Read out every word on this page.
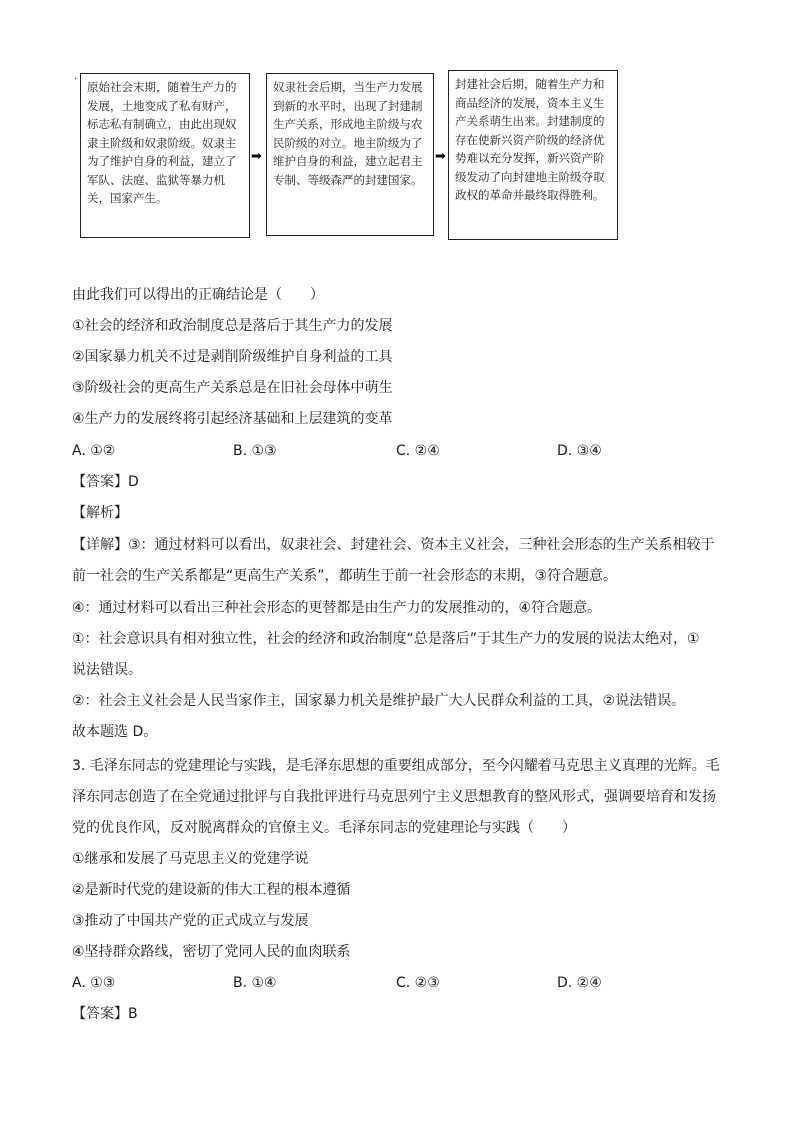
·
原始社会末期，随着生产力的发展，土地变成了私有财产，标志私有制确立，由此出现奴隶主阶级和奴隶阶级。奴隶主为了维护自身的利益，建立了军队、法庭、监狱等暴力机关，国家产生。
➡
奴隶社会后期，当生产力发展到新的水平时，出现了封建制生产关系，形成地主阶级与农民阶级的对立。地主阶级为了维护自身的利益，建立起君主专制、等级森严的封建国家。
➡
封建社会后期，随着生产力和商品经济的发展，资本主义生产关系萌生出来。封建制度的存在使新兴资产阶级的经济优势难以充分发挥，新兴资产阶级发动了向封建地主阶级夺取政权的革命并最终取得胜利。
由此我们可以得出的正确结论是（　　）
①社会的经济和政治制度总是落后于其生产力的发展
②国家暴力机关不过是剥削阶级维护自身利益的工具
③阶级社会的更高生产关系总是在旧社会母体中萌生
④生产力的发展终将引起经济基础和上层建筑的变革
A. ①②	B. ①③	C. ②④	D. ③④
【答案】D
【解析】
【详解】③：通过材料可以看出，奴隶社会、封建社会、资本主义社会，三种社会形态的生产关系相较于
前一社会的生产关系都是“更高生产关系”，都萌生于前一社会形态的末期，③符合题意。
④：通过材料可以看出三种社会形态的更替都是由生产力的发展推动的，④符合题意。
①：社会意识具有相对独立性，社会的经济和政治制度“总是落后”于其生产力的发展的说法太绝对，①
说法错误。
②：社会主义社会是人民当家作主，国家暴力机关是维护最广大人民群众利益的工具，②说法错误。
故本题选 D。
3. 毛泽东同志的党建理论与实践，是毛泽东思想的重要组成部分，至今闪耀着马克思主义真理的光辉。毛
泽东同志创造了在全党通过批评与自我批评进行马克思列宁主义思想教育的整风形式，强调要培育和发扬
党的优良作风，反对脱离群众的官僚主义。毛泽东同志的党建理论与实践（　　）
①继承和发展了马克思主义的党建学说
②是新时代党的建设新的伟大工程的根本遵循
③推动了中国共产党的正式成立与发展
④坚持群众路线，密切了党同人民的血肉联系
A. ①③	B. ①④	C. ②③	D. ②④
【答案】B
